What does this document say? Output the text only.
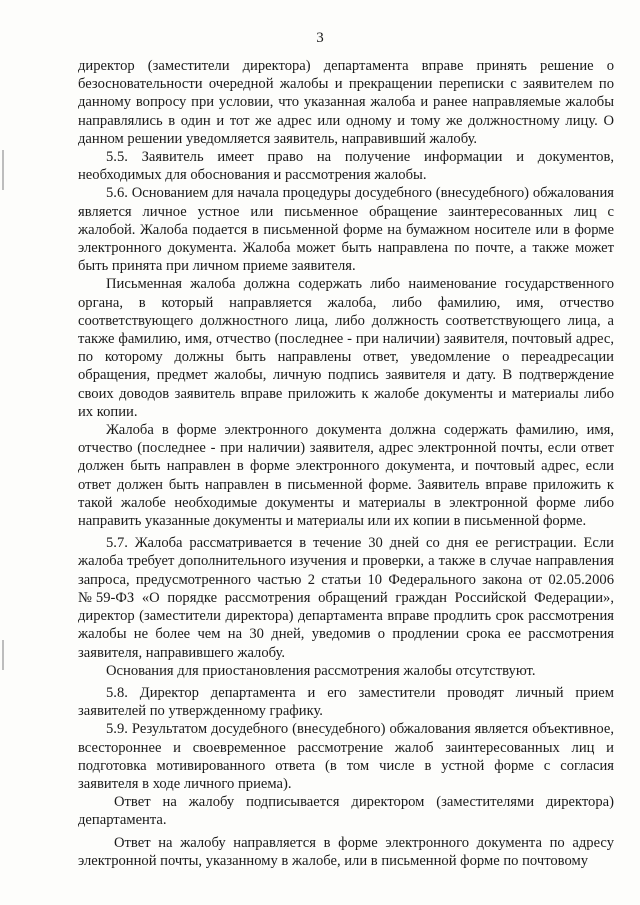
3

директор (заместители директора) департамента вправе принять решение о безосновательности очередной жалобы и прекращении переписки с заявителем по данному вопросу при условии, что указанная жалоба и ранее направляемые жалобы направлялись в один и тот же адрес или одному и тому же должностному лицу. О данном решении уведомляется заявитель, направивший жалобу.

5.5. Заявитель имеет право на получение информации и документов, необходимых для обоснования и рассмотрения жалобы.

5.6. Основанием для начала процедуры досудебного (внесудебного) обжалования является личное устное или письменное обращение заинтересованных лиц с жалобой. Жалоба подается в письменной форме на бумажном носителе или в форме электронного документа. Жалоба может быть направлена по почте, а также может быть принята при личном приеме заявителя.

Письменная жалоба должна содержать либо наименование государственного органа, в который направляется жалоба, либо фамилию, имя, отчество соответствующего должностного лица, либо должность соответствующего лица, а также фамилию, имя, отчество (последнее - при наличии) заявителя, почтовый адрес, по которому должны быть направлены ответ, уведомление о переадресации обращения, предмет жалобы, личную подпись заявителя и дату. В подтверждение своих доводов заявитель вправе приложить к жалобе документы и материалы либо их копии.

Жалоба в форме электронного документа должна содержать фамилию, имя, отчество (последнее - при наличии) заявителя, адрес электронной почты, если ответ должен быть направлен в форме электронного документа, и почтовый адрес, если ответ должен быть направлен в письменной форме. Заявитель вправе приложить к такой жалобе необходимые документы и материалы в электронной форме либо направить указанные документы и материалы или их копии в письменной форме.

5.7. Жалоба рассматривается в течение 30 дней со дня ее регистрации. Если жалоба требует дополнительного изучения и проверки, а также в случае направления запроса, предусмотренного частью 2 статьи 10 Федерального закона от 02.05.2006 №59-ФЗ «О порядке рассмотрения обращений граждан Российской Федерации», директор (заместители директора) департамента вправе продлить срок рассмотрения жалобы не более чем на 30 дней, уведомив о продлении срока ее рассмотрения заявителя, направившего жалобу.

Основания для приостановления рассмотрения жалобы отсутствуют.

5.8. Директор департамента и его заместители проводят личный прием заявителей по утвержденному графику.

5.9. Результатом досудебного (внесудебного) обжалования является объективное, всестороннее и своевременное рассмотрение жалоб заинтересованных лиц и подготовка мотивированного ответа (в том числе в устной форме с согласия заявителя в ходе личного приема).

Ответ на жалобу подписывается директором (заместителями директора) департамента.

Ответ на жалобу направляется в форме электронного документа по адресу электронной почты, указанному в жалобе, или в письменной форме по почтовому
